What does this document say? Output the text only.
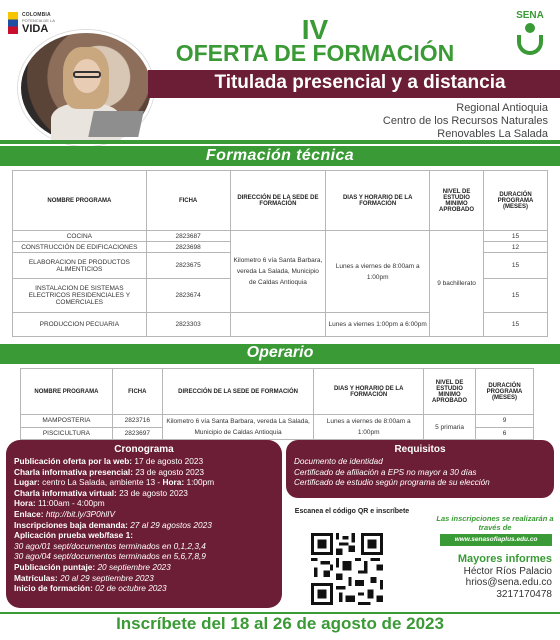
COLOMBIA
POTENCIA DE LA
VIDA	IV
OFERTA DE FORMACIÓN
SENA
Titulada presencial y a distancia
Regional Antioquia
Centro de los Recursos Naturales
Renovables La Salada
Formación técnica
NOMBRE PROGRAMA	FICHA	DIRECCIÓN DE LA SEDE DE FORMACIÓN	DIAS Y HORARIO DE LA FORMACIÓN	NIVEL DE ESTUDIO MINIMO APROBADO	DURACIÓN PROGRAMA (MESES)
COCINA	2823687	Kilometro 6 vía Santa Barbara, vereda La Salada, Municipio de Caldas Antioquia	Lunes a viernes de 8:00am a 1:00pm	9 bachillerato	15
CONSTRUCCIÓN DE EDIFICACIONES	2823698				12
ELABORACION DE PRODUCTOS ALIMENTICIOS	2823675				15
INSTALACION DE SISTEMAS ELECTRICOS RESIDENCIALES Y COMERCIALES	2823674				15
PRODUCCION PECUARIA	2823303		Lunes a viernes 1:00pm a 6:00pm		15
Operario
NOMBRE PROGRAMA	FICHA	DIRECCIÓN DE LA SEDE DE FORMACIÓN	DIAS Y HORARIO DE LA FORMACIÓN	NIVEL DE ESTUDIO MINIMO APROBADO	DURACIÓN PROGRAMA (MESES)
MAMPOSTERIA	2823716	Kilometro 6 vía Santa Barbara, vereda La Salada, Municipio de Caldas Antioquia	Lunes a viernes de 8:00am a 1:00pm	5 primaria	9
PISCICULTURA	2823697				6
Cronograma
Publicación oferta por la web: 17 de agosto 2023
Charla informativa presencial: 23 de agosto 2023
Lugar: centro La Salada, ambiente 13 - Hora: 1:00pm
Charla informativa virtual: 23 de agosto 2023
Hora: 11:00am - 4:00pm
Enlace: http://bit.ly/3P0hlIV
Inscripciones baja demanda: 27 al 29 agostos 2023
Aplicación prueba web/fase 1:
30 ago/01 sept/documentos terminados en 0,1,2,3,4
30 ago/04 sept/documentos terminados en 5,6,7,8,9
Publicación puntaje: 20 septiembre 2023
Matrículas: 20 al 29 septiembre 2023
Inicio de formación: 02 de octubre 2023
Requisitos
Documento de identidad
Certificado de afiliación a EPS no mayor a 30 días
Certificado de estudio según programa de su elección
Escanea el código QR e inscríbete
Las inscripciones se realizarán a través de
www.senasofiaplus.edu.co
Mayores informes
Héctor Ríos Palacio
hrios@sena.edu.co
3217170478
Inscríbete del 18 al 26 de agosto de 2023
